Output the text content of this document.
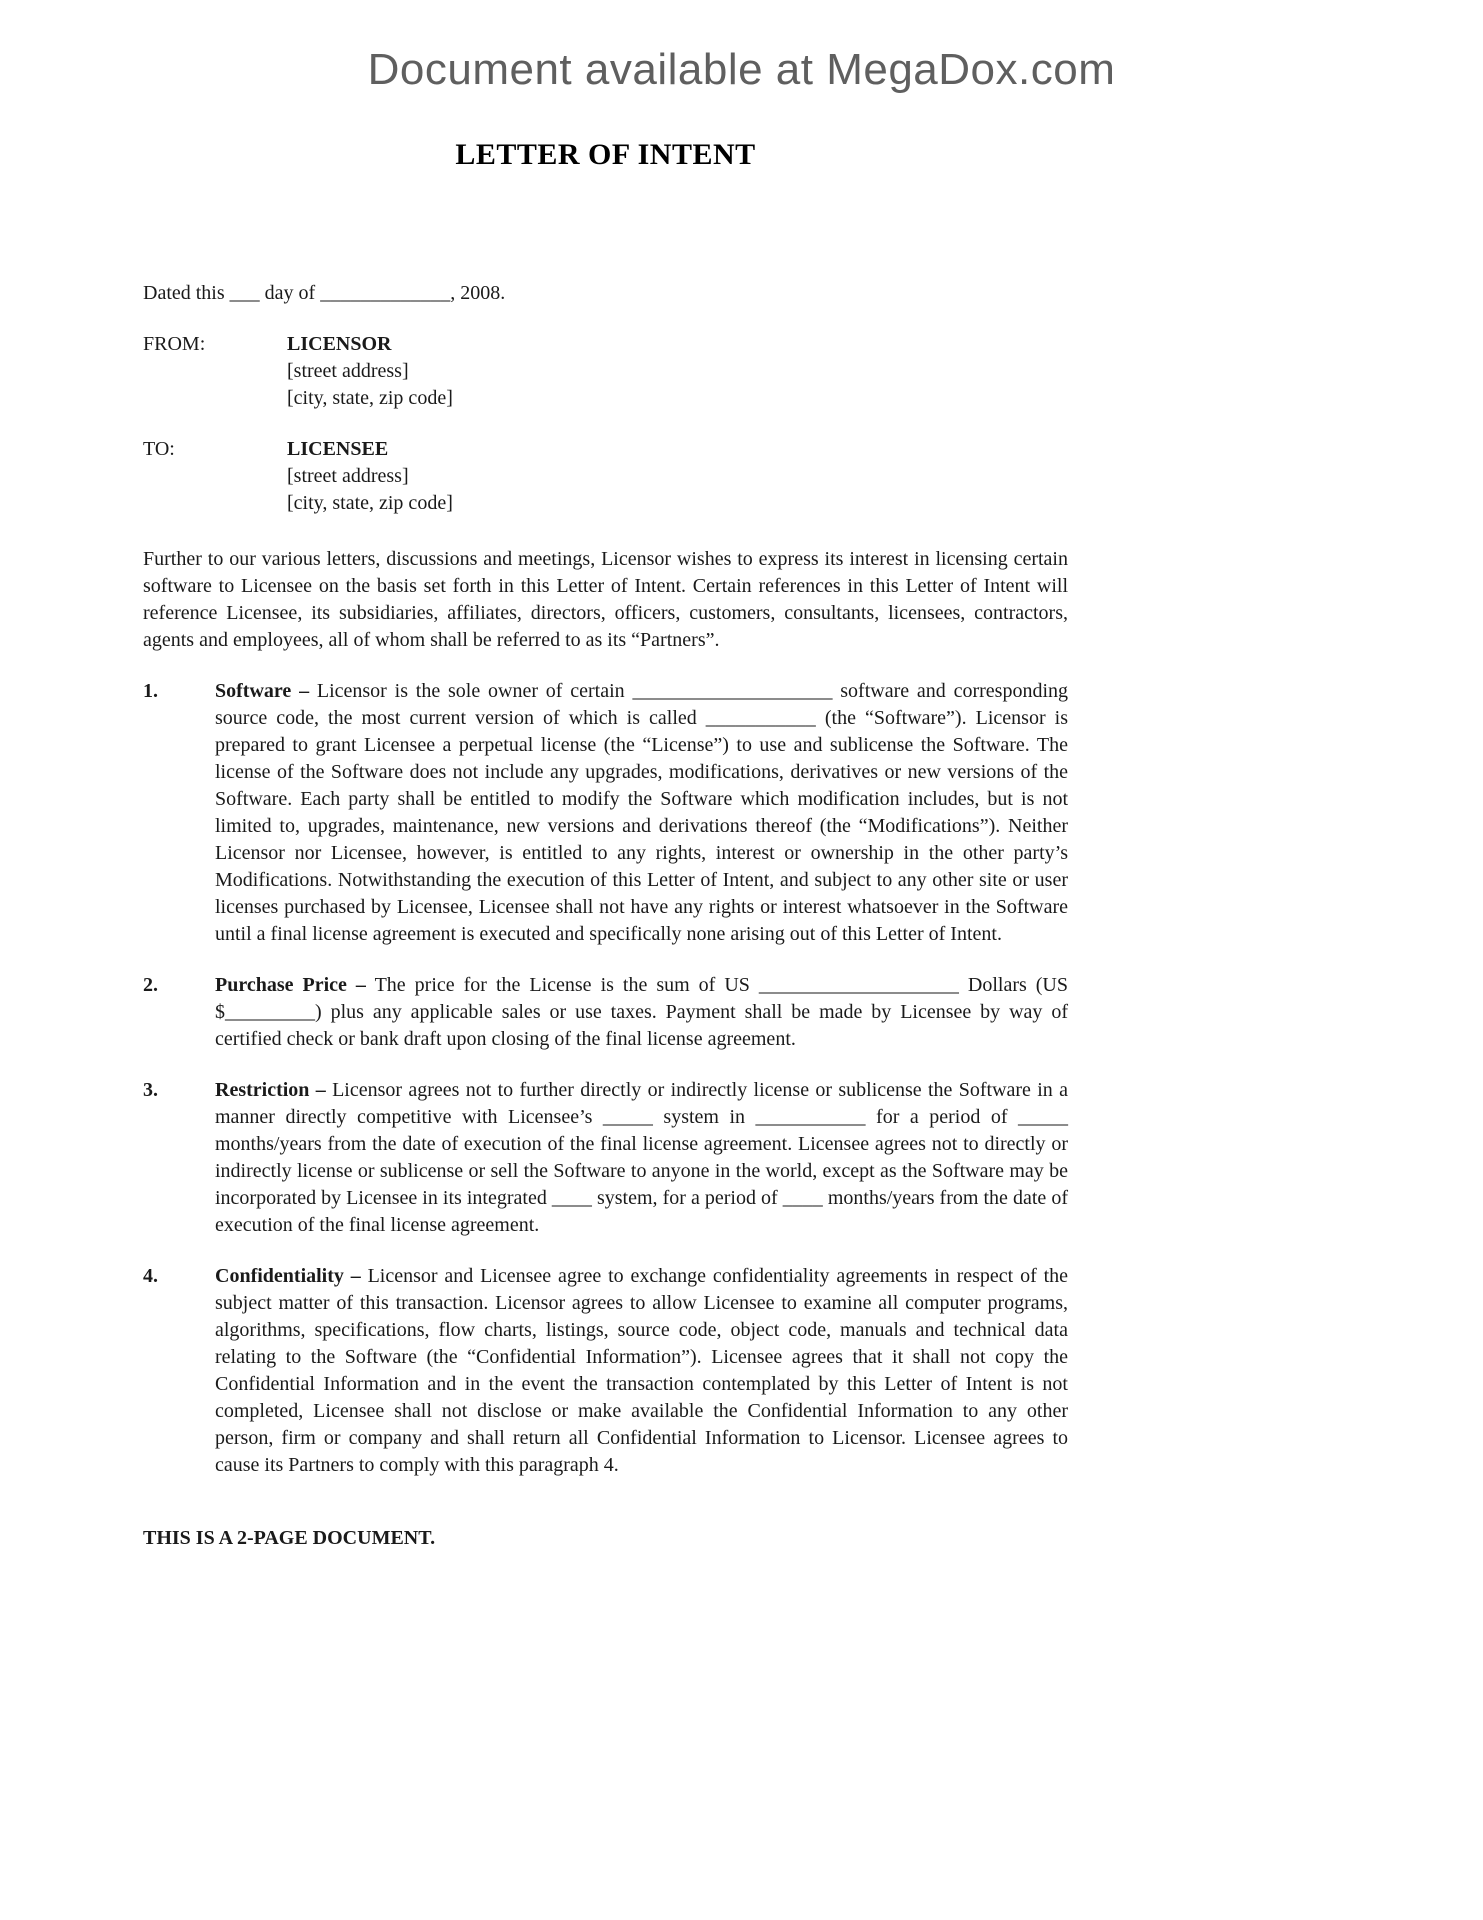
Document available at MegaDox.com
LETTER OF INTENT

Dated this ___ day of _____________, 2008.

FROM:	LICENSOR
[street address]
[city, state, zip code]
TO:	LICENSEE
[street address]
[city, state, zip code]

Further to our various letters, discussions and meetings, Licensor wishes to express its interest in licensing certain software to Licensee on the basis set forth in this Letter of Intent. Certain references in this Letter of Intent will reference Licensee, its subsidiaries, affiliates, directors, officers, customers, consultants, licensees, contractors, agents and employees, all of whom shall be referred to as its “Partners”.

1.	Software – Licensor is the sole owner of certain ____________________ software and corresponding source code, the most current version of which is called ___________ (the “Software”). Licensor is prepared to grant Licensee a perpetual license (the “License”) to use and sublicense the Software. The license of the Software does not include any upgrades, modifications, derivatives or new versions of the Software. Each party shall be entitled to modify the Software which modification includes, but is not limited to, upgrades, maintenance, new versions and derivations thereof (the “Modifications”). Neither Licensor nor Licensee, however, is entitled to any rights, interest or ownership in the other party’s Modifications. Notwithstanding the execution of this Letter of Intent, and subject to any other site or user licenses purchased by Licensee, Licensee shall not have any rights or interest whatsoever in the Software until a final license agreement is executed and specifically none arising out of this Letter of Intent.

2.	Purchase Price – The price for the License is the sum of US ____________________ Dollars (US $_________) plus any applicable sales or use taxes. Payment shall be made by Licensee by way of certified check or bank draft upon closing of the final license agreement.

3.	Restriction – Licensor agrees not to further directly or indirectly license or sublicense the Software in a manner directly competitive with Licensee’s _____ system in ___________ for a period of _____ months/years from the date of execution of the final license agreement. Licensee agrees not to directly or indirectly license or sublicense or sell the Software to anyone in the world, except as the Software may be incorporated by Licensee in its integrated ____ system, for a period of ____ months/years from the date of execution of the final license agreement.

4.	Confidentiality – Licensor and Licensee agree to exchange confidentiality agreements in respect of the subject matter of this transaction. Licensor agrees to allow Licensee to examine all computer programs, algorithms, specifications, flow charts, listings, source code, object code, manuals and technical data relating to the Software (the “Confidential Information”). Licensee agrees that it shall not copy the Confidential Information and in the event the transaction contemplated by this Letter of Intent is not completed, Licensee shall not disclose or make available the Confidential Information to any other person, firm or company and shall return all Confidential Information to Licensor. Licensee agrees to cause its Partners to comply with this paragraph 4.

THIS IS A 2-PAGE DOCUMENT.
